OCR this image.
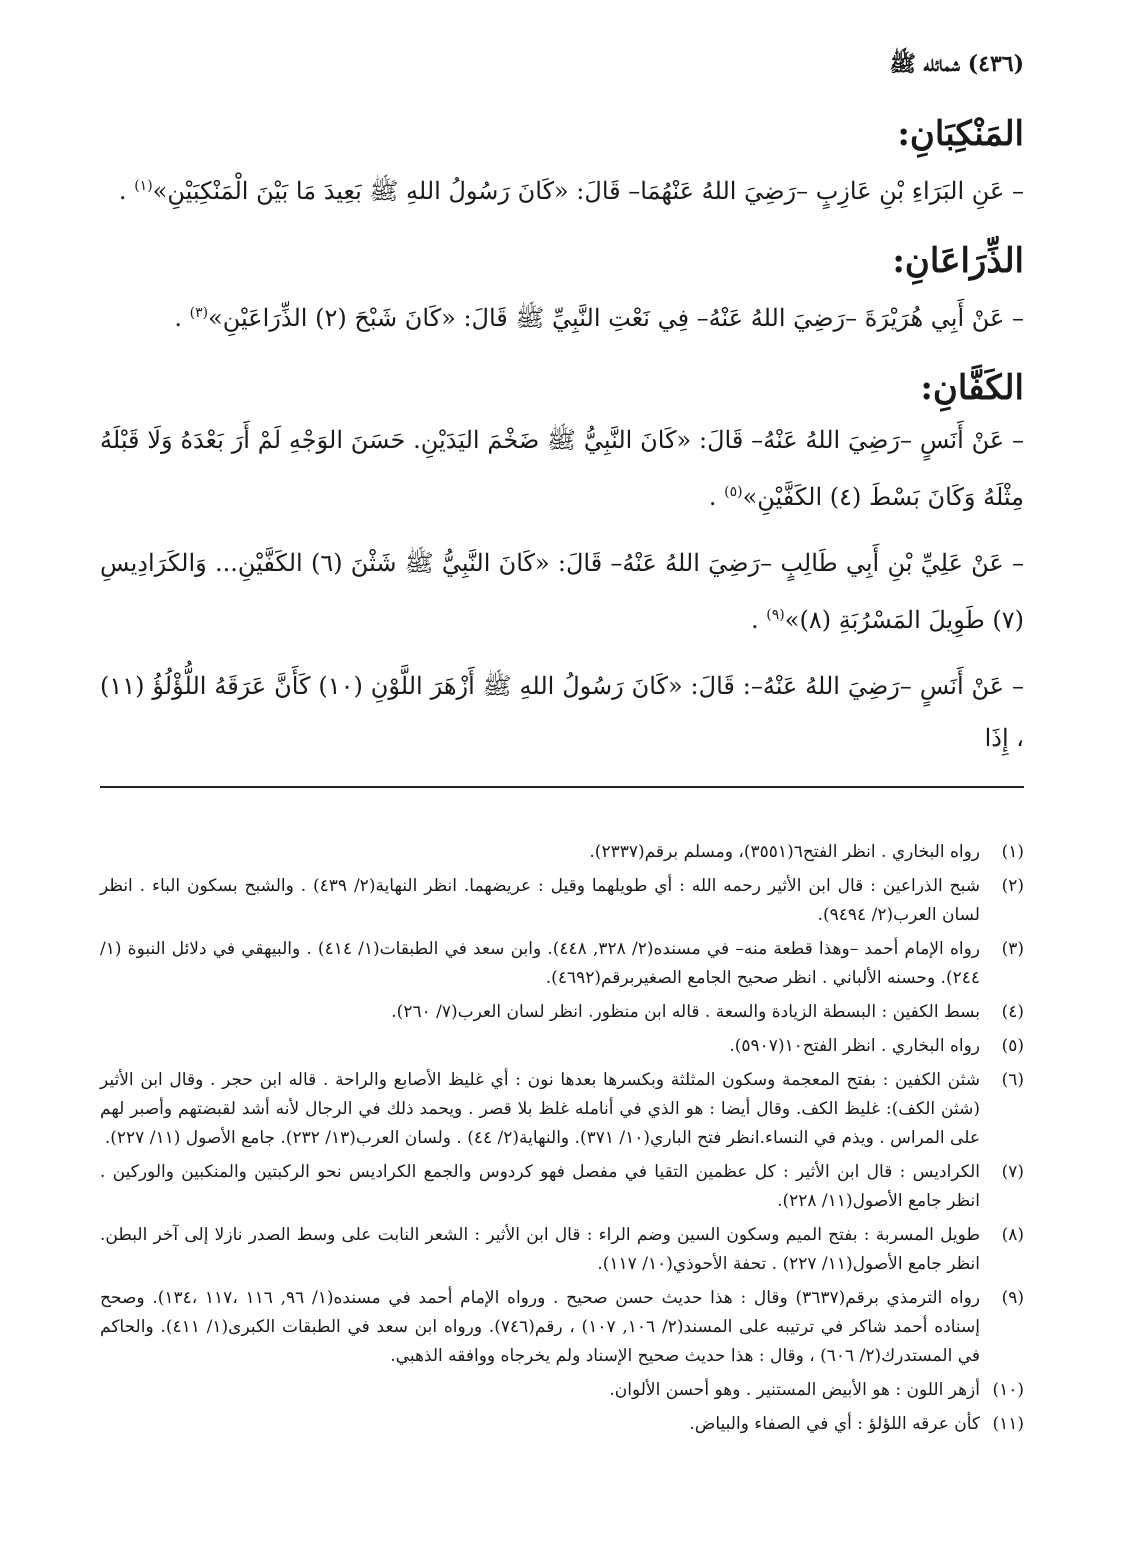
(٤٣٦) شمائله ﷺ
المَنْكِبَانِ:

– عَنِ البَرَاءِ بْنِ عَازِبٍ –رَضِيَ اللهُ عَنْهُمَا– قَالَ: «كَانَ رَسُولُ اللهِ ﷺ بَعِيدَ مَا بَيْنَ الْمَنْكِبَيْنِ»$^{(١)}$ .

الذِّرَاعَانِ:

– عَنْ أَبِي هُرَيْرَةَ –رَضِيَ اللهُ عَنْهُ– فِي نَعْتِ النَّبِيِّ ﷺ قَالَ: «كَانَ شَبْحَ (٢) الذِّرَاعَيْنِ»$^{(٣)}$ .

الكَفَّانِ:

– عَنْ أَنَسٍ –رَضِيَ اللهُ عَنْهُ– قَالَ: «كَانَ النَّبِيُّ ﷺ ضَخْمَ اليَدَيْنِ. حَسَنَ الوَجْهِ لَمْ أَرَ بَعْدَهُ وَلَا قَبْلَهُ مِثْلَهُ وَكَانَ بَسْطَ (٤) الكَفَّيْنِ»$^{(٥)}$ .

– عَنْ عَلِيِّ بْنِ أَبِي طَالِبٍ –رَضِيَ اللهُ عَنْهُ– قَالَ: «كَانَ النَّبِيُّ ﷺ شَثْنَ (٦) الكَفَّيْنِ... وَالكَرَادِيسِ (٧) طَوِيلَ المَسْرُبَةِ (٨)»$^{(٩)}$ .

– عَنْ أَنَسٍ –رَضِيَ اللهُ عَنْهُ–: قَالَ: «كَانَ رَسُولُ اللهِ ﷺ أَزْهَرَ اللَّوْنِ (١٠) كَأَنَّ عَرَقَهُ اللُّؤْلُؤُ (١١) ، إِذَا

(١)
رواه البخاري . انظر الفتح٦(٣٥٥١)، ومسلم برقم(٢٣٣٧).
(٢)
شبح الذراعين : قال ابن الأثير رحمه الله : أي طويلهما وقيل : عريضهما. انظر النهاية(٢/ ٤٣٩) . والشبح بسكون الباء . انظر لسان العرب(٢/ ٩٤٩٤).
(٣)
رواه الإمام أحمد –وهذا قطعة منه– في مسنده(٢/ ٣٢٨, ٤٤٨). وابن سعد في الطبقات(١/ ٤١٤) . والبيهقي في دلائل النبوة (١/ ٢٤٤). وحسنه الألباني . انظر صحيح الجامع الصغيربرقم(٤٦٩٢).
(٤)
بسط الكفين : البسطة الزيادة والسعة . قاله ابن منظور. انظر لسان العرب(٧/ ٢٦٠).
(٥)
رواه البخاري . انظر الفتح١٠(٥٩٠٧).
(٦)
شثن الكفين : بفتح المعجمة وسكون المثلثة وبكسرها بعدها نون : أي غليظ الأصابع والراحة . قاله ابن حجر . وقال ابن الأثير (شثن الكف): غليظ الكف. وقال أيضا : هو الذي في أنامله غلظ بلا قصر . ويحمد ذلك في الرجال لأنه أشد لقبضتهم وأصبر لهم على المراس . ويذم في النساء.انظر فتح الباري(١٠/ ٣٧١). والنهاية(٢/ ٤٤) . ولسان العرب(١٣/ ٢٣٢). جامع الأصول (١١/ ٢٢٧).
(٧)
الكراديس : قال ابن الأثير : كل عظمين التقيا في مفصل فهو كردوس والجمع الكراديس نحو الركبتين والمنكبين والوركين . انظر جامع الأصول(١١/ ٢٢٨).
(٨)
طويل المسربة : بفتح الميم وسكون السين وضم الراء : قال ابن الأثير : الشعر النابت على وسط الصدر نازلا إلى آخر البطن. انظر جامع الأصول(١١/ ٢٢٧) . تحفة الأحوذي(١٠/ ١١٧).
(٩)
رواه الترمذي برقم(٣٦٣٧) وقال : هذا حديث حسن صحيح . ورواه الإمام أحمد في مسنده(١/ ٩٦, ١١٦ ،١١٧ ،١٣٤). وصحح إسناده أحمد شاكر في ترتيبه على المسند(٢/ ١٠٦, ١٠٧) ، رقم(٧٤٦). ورواه ابن سعد في الطبقات الكبرى(١/ ٤١١). والحاكم في المستدرك(٢/ ٦٠٦) ، وقال : هذا حديث صحيح الإسناد ولم يخرجاه ووافقه الذهبي.
(١٠)
أزهر اللون : هو الأبيض المستنير . وهو أحسن الألوان.
(١١)
كأن عرقه اللؤلؤ : أي في الصفاء والبياض.
